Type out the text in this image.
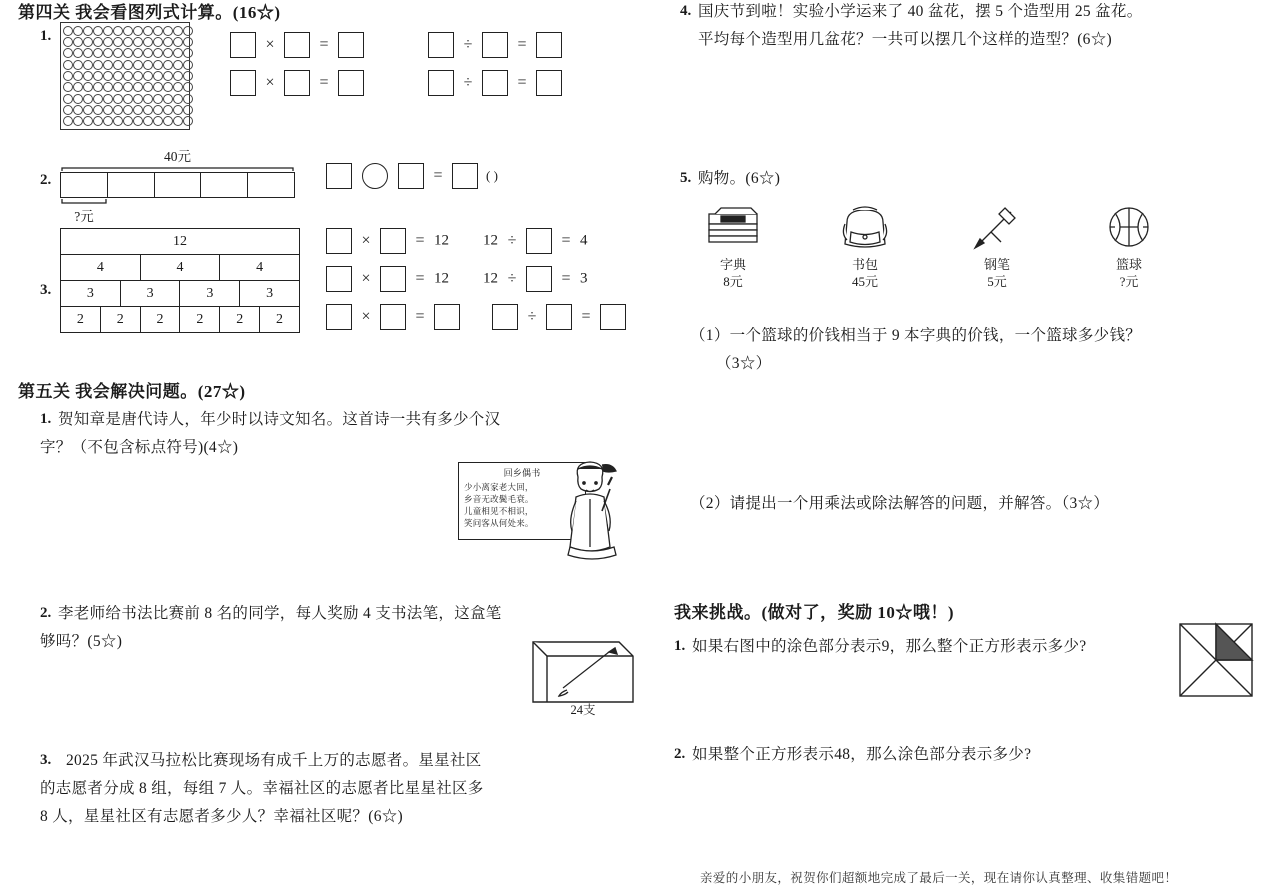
第四关 我会看图列式计算。(16☆)
1.	×	=	÷	=
×	=	÷	=
2.
40元
?元
=	( )
3.
12							
4			4		4		
3		3		3		3	
2	2		2	2	2		2
×	= 12 12 ÷	= 4
×	= 12 12 ÷	= 3
×	=	÷	=
第五关 我会解决问题。(27☆)
1. 贺知章是唐代诗人，年少时以诗文知名。这首诗一共有多少个汉
字？（不包含标点符号)(4☆)
回乡偶书
少小离家老大回，
乡音无改鬓毛衰。
儿童相见不相识，
笑问客从何处来。
2. 李老师给书法比赛前 8 名的同学，每人奖励 4 支书法笔，这盒笔
够吗？(5☆)
24支
3. 2025 年武汉马拉松比赛现场有成千上万的志愿者。星星社区
的志愿者分成 8 组，每组 7 人。幸福社区的志愿者比星星社区多
8 人，星星社区有志愿者多少人？幸福社区呢？(6☆)
4. 国庆节到啦！实验小学运来了 40 盆花，摆 5 个造型用 25 盆花。
平均每个造型用几盆花？一共可以摆几个这样的造型？(6☆)
5. 购物。(6☆)
字典
8元
书包
45元
钢笔
5元
篮球
?元
（1）一个篮球的价钱相当于 9 本字典的价钱，一个篮球多少钱？
（3☆）
（2）请提出一个用乘法或除法解答的问题，并解答。（3☆）
我来挑战。(做对了，奖励 10☆哦！)
1. 如果右图中的涂色部分表示9，那么整个正方形表示多少?
2. 如果整个正方形表示48，那么涂色部分表示多少?
亲爱的小朋友，祝贺你们超额地完成了最后一关，现在请你认真整理、收集错题吧！
